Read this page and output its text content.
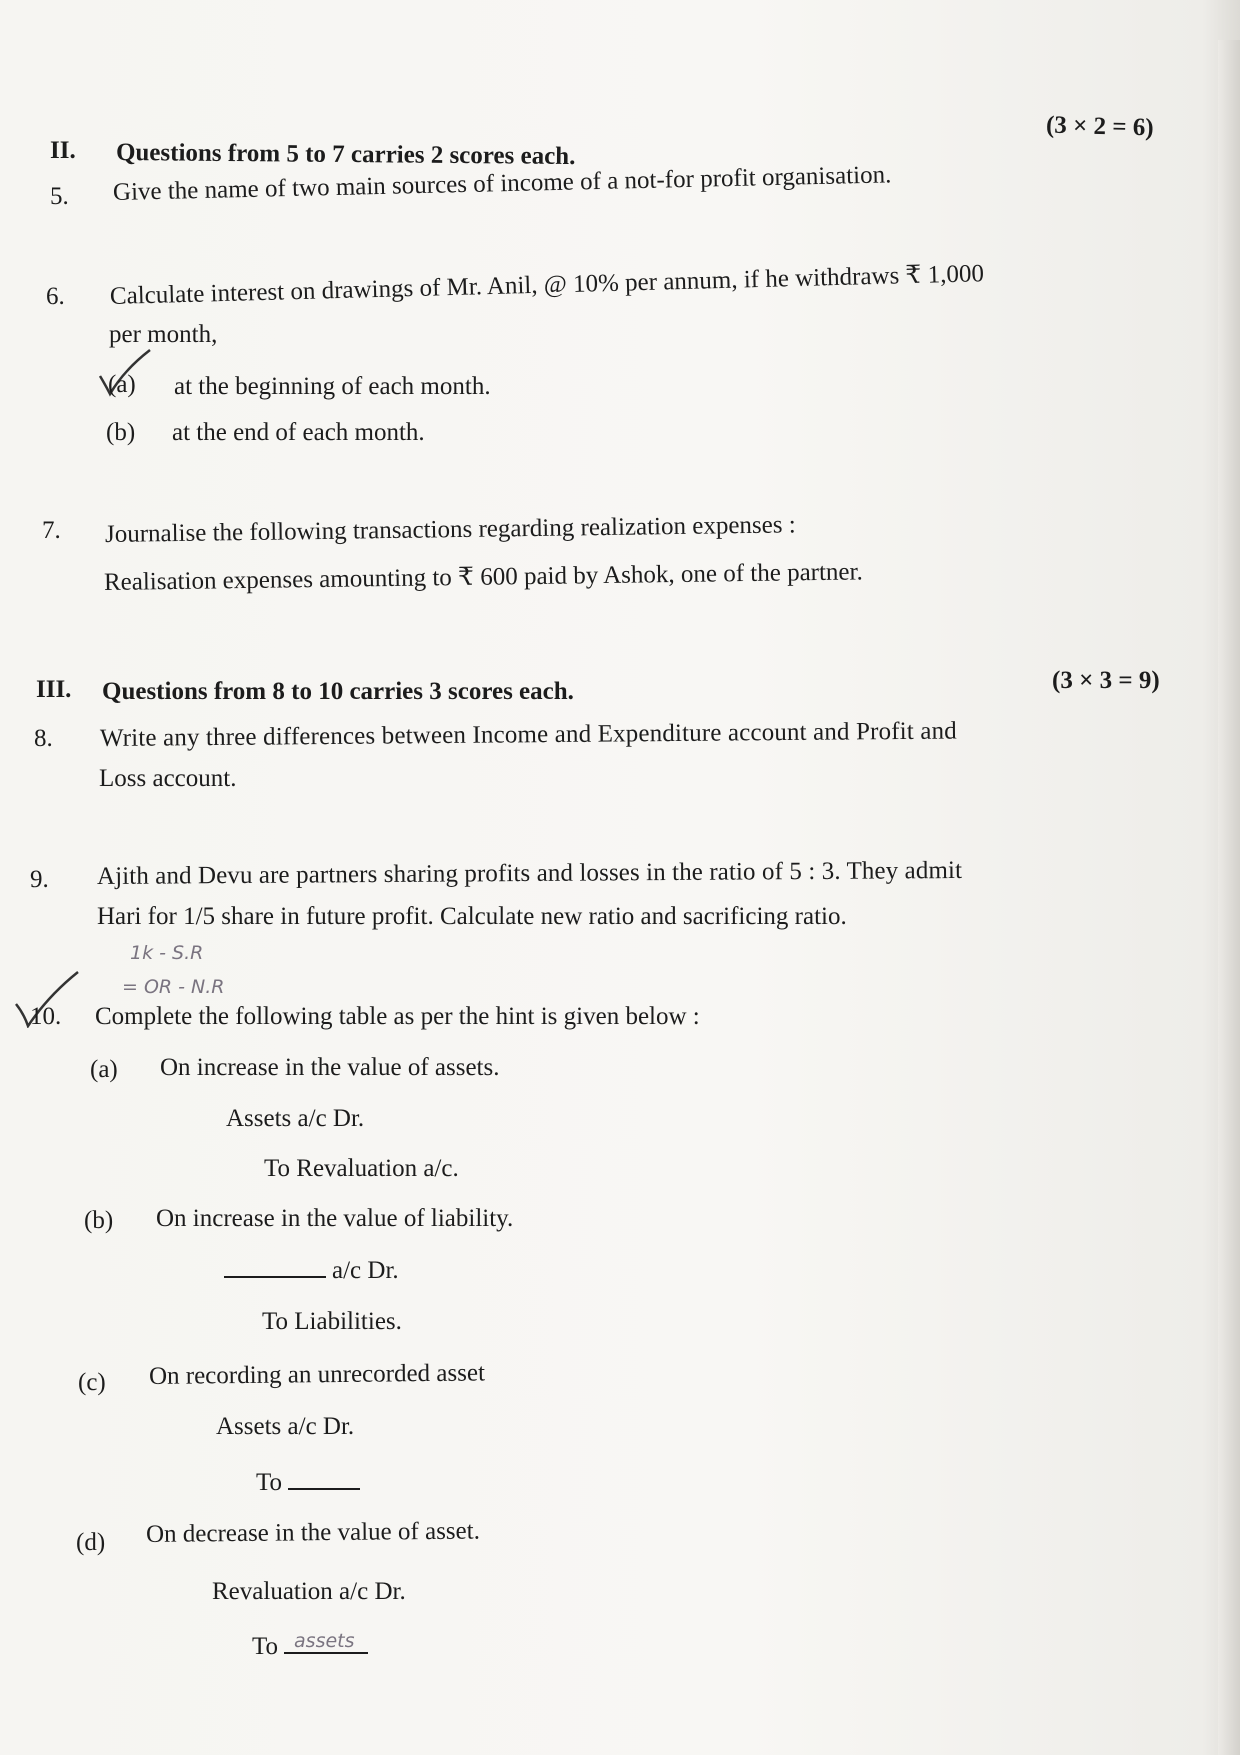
(3 × 2 = 6)
II. Questions from 5 to 7 carries 2 scores each.
5. Give the name of two main sources of income of a not-for profit organisation.
6. Calculate interest on drawings of Mr. Anil, @ 10% per annum, if he withdraws ₹ 1,000
per month,
(a) at the beginning of each month.
(b) at the end of each month.
7. Journalise the following transactions regarding realization expenses :
Realisation expenses amounting to ₹ 600 paid by Ashok, one of the partner.
III. Questions from 8 to 10 carries 3 scores each.	(3 × 3 = 9)
8. Write any three differences between Income and Expenditure account and Profit and
Loss account.
9. Ajith and Devu are partners sharing profits and losses in the ratio of 5 : 3. They admit
Hari for 1/5 share in future profit. Calculate new ratio and sacrificing ratio.
1k - S.R
= OR - N.R
10. Complete the following table as per the hint is given below :
(a) On increase in the value of assets.
Assets a/c Dr.
To Revaluation a/c.
(b) On increase in the value of liability.
a/c Dr.
To Liabilities.
(c) On recording an unrecorded asset
Assets a/c Dr.
To
(d) On decrease in the value of asset.
Revaluation a/c Dr.
To assets
